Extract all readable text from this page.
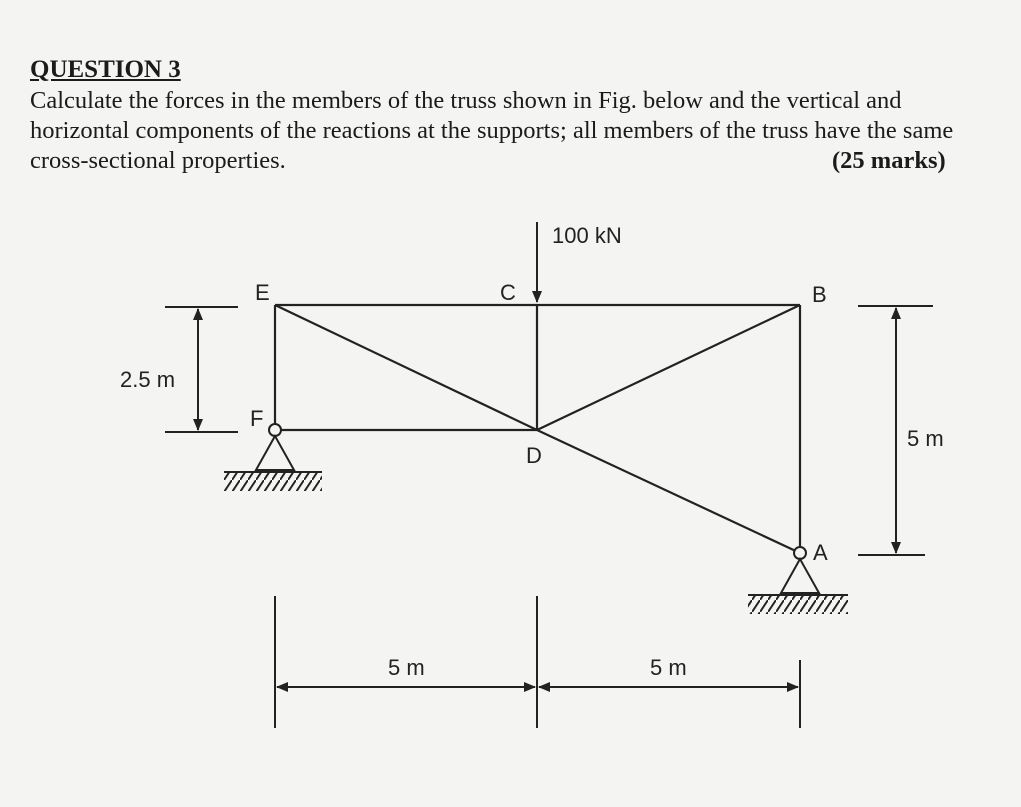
QUESTION 3

Calculate the forces in the members of the truss shown in Fig. below and the vertical and horizontal components of the reactions at the supports; all members of the truss have the same cross-sectional properties.	(25 marks)
100 kN
E	C	B
F
D
A
2.5 m
5 m
5 m	5 m
